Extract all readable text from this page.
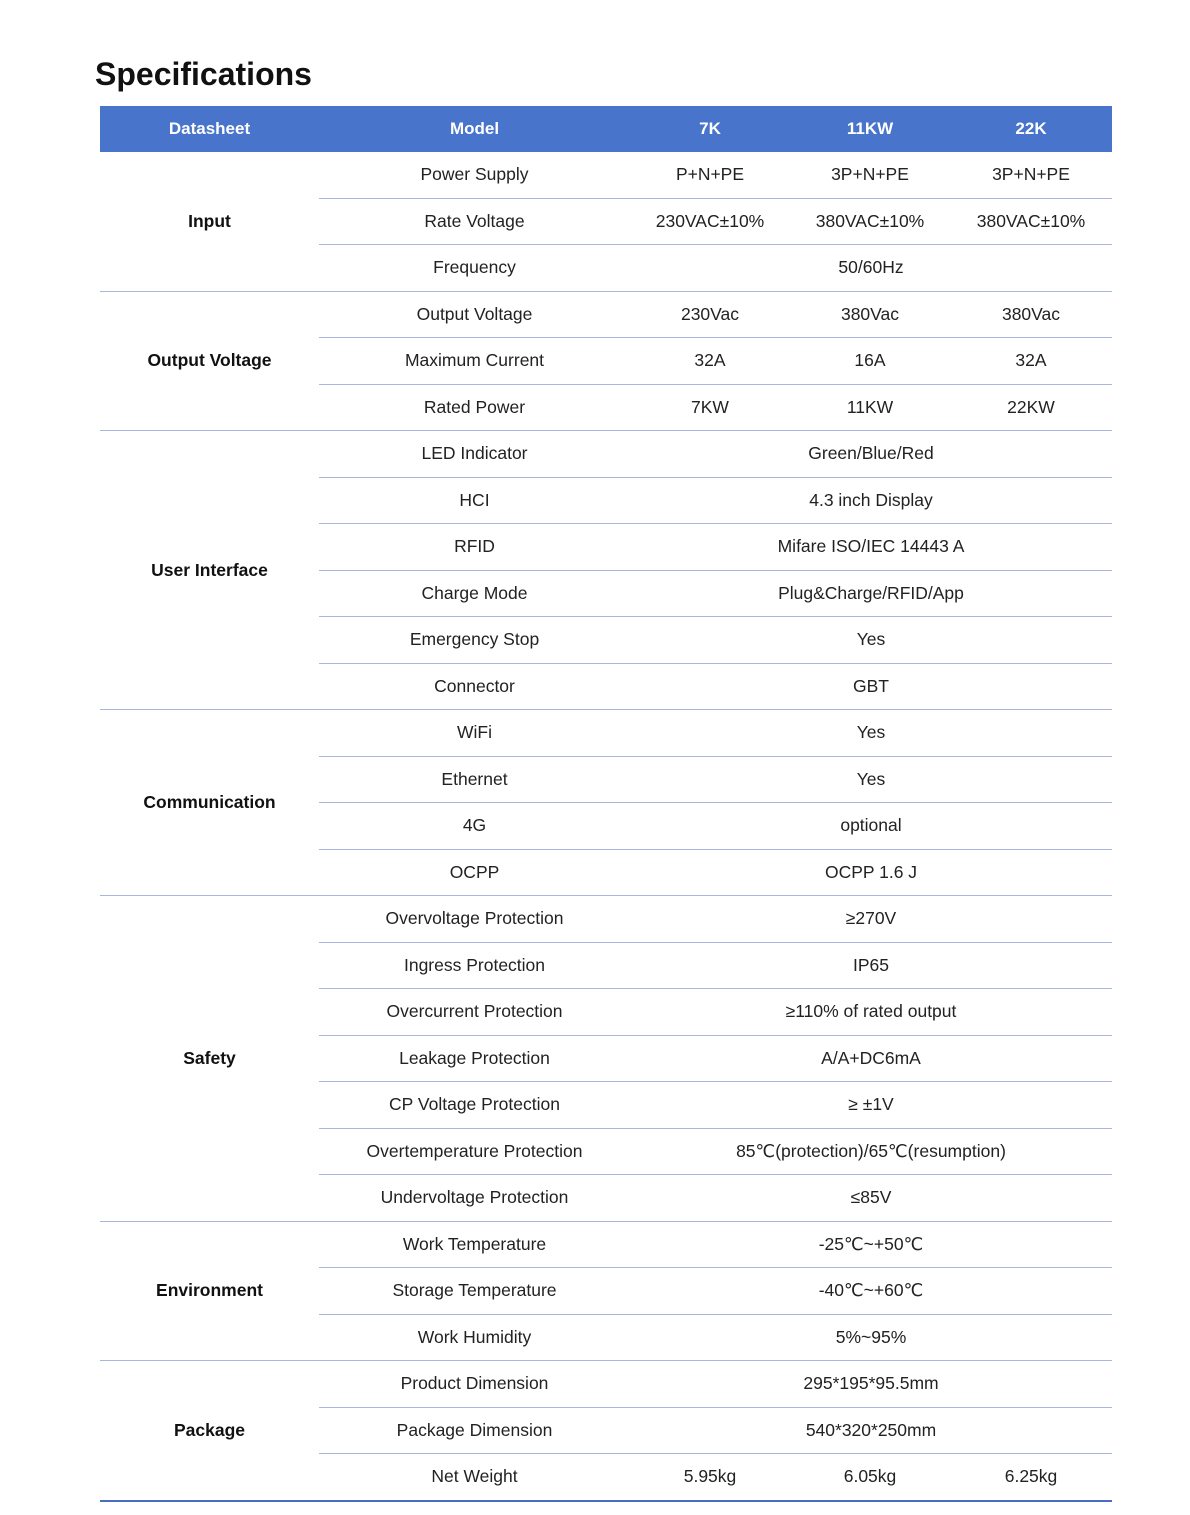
Specifications
Datasheet	Model	7K	11KW	22K
Input	Power Supply	P+N+PE	3P+N+PE	3P+N+PE
	Rate Voltage	230VAC±10%	380VAC±10%	380VAC±10%
	Frequency	50/60Hz		
Output Voltage	Output Voltage	230Vac	380Vac	380Vac
	Maximum Current	32A	16A	32A
	Rated Power	7KW	11KW	22KW
User Interface	LED Indicator	Green/Blue/Red		
	HCI	4.3 inch Display		
	RFID	Mifare ISO/IEC 14443 A		
	Charge Mode	Plug&Charge/RFID/App		
	Emergency Stop	Yes		
	Connector	GBT		
Communication	WiFi	Yes		
	Ethernet	Yes		
	4G	optional		
	OCPP	OCPP 1.6 J		
Safety	Overvoltage Protection	≥270V		
	Ingress Protection	IP65		
	Overcurrent Protection	≥110% of rated output		
	Leakage Protection	A/A+DC6mA		
	CP Voltage Protection	≥ ±1V		
	Overtemperature Protection	85℃(protection)/65℃(resumption)		
	Undervoltage Protection	≤85V		
Environment	Work Temperature	-25℃~+50℃		
	Storage Temperature	-40℃~+60℃		
	Work Humidity	5%~95%		
Package	Product Dimension	295*195*95.5mm		
	Package Dimension	540*320*250mm		
	Net Weight	5.95kg	6.05kg	6.25kg
